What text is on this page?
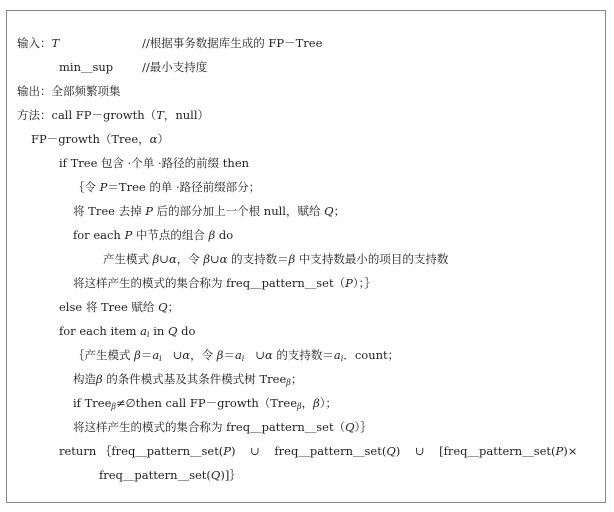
输入：T	//根据事务数据库生成的 FP－Tree
min＿sup	//最小支持度
输出：全部频繁项集
方法：call FP－growth（T，null）
FP－growth（Tree，α）
if Tree 包含 ·个单 ·路径的前缀 then
｛令 P＝Tree 的单 ·路径前缀部分；
将 Tree 去掉 P 后的部分加上一个根 null，赋给 Q；
for each P 中节点的组合 β do
产生模式 β∪α，令 β∪α 的支持数＝β 中支持数最小的项目的支持数
将这样产生的模式的集合称为 freq＿pattern＿set（P）；｝
else 将 Tree 赋给 Q；
for each item $a_i$ in Q do
｛产生模式 $\beta=a_i$   ∪α，令 $\beta=a_i$   ∪α 的支持数$=a_i$．count；
构造β 的条件模式基及其条件模式树 Tree$_\beta$；
if Tree$_\beta$≠∅then call FP－growth（Tree$_\beta$，β）；
将这样产生的模式的集合称为 freq＿pattern＿set（Q）｝
return ｛freq＿pattern＿set(P)    ∪    freq＿pattern＿set(Q)    ∪    [freq＿pattern＿set(P)×
freq＿pattern＿set(Q)]｝
